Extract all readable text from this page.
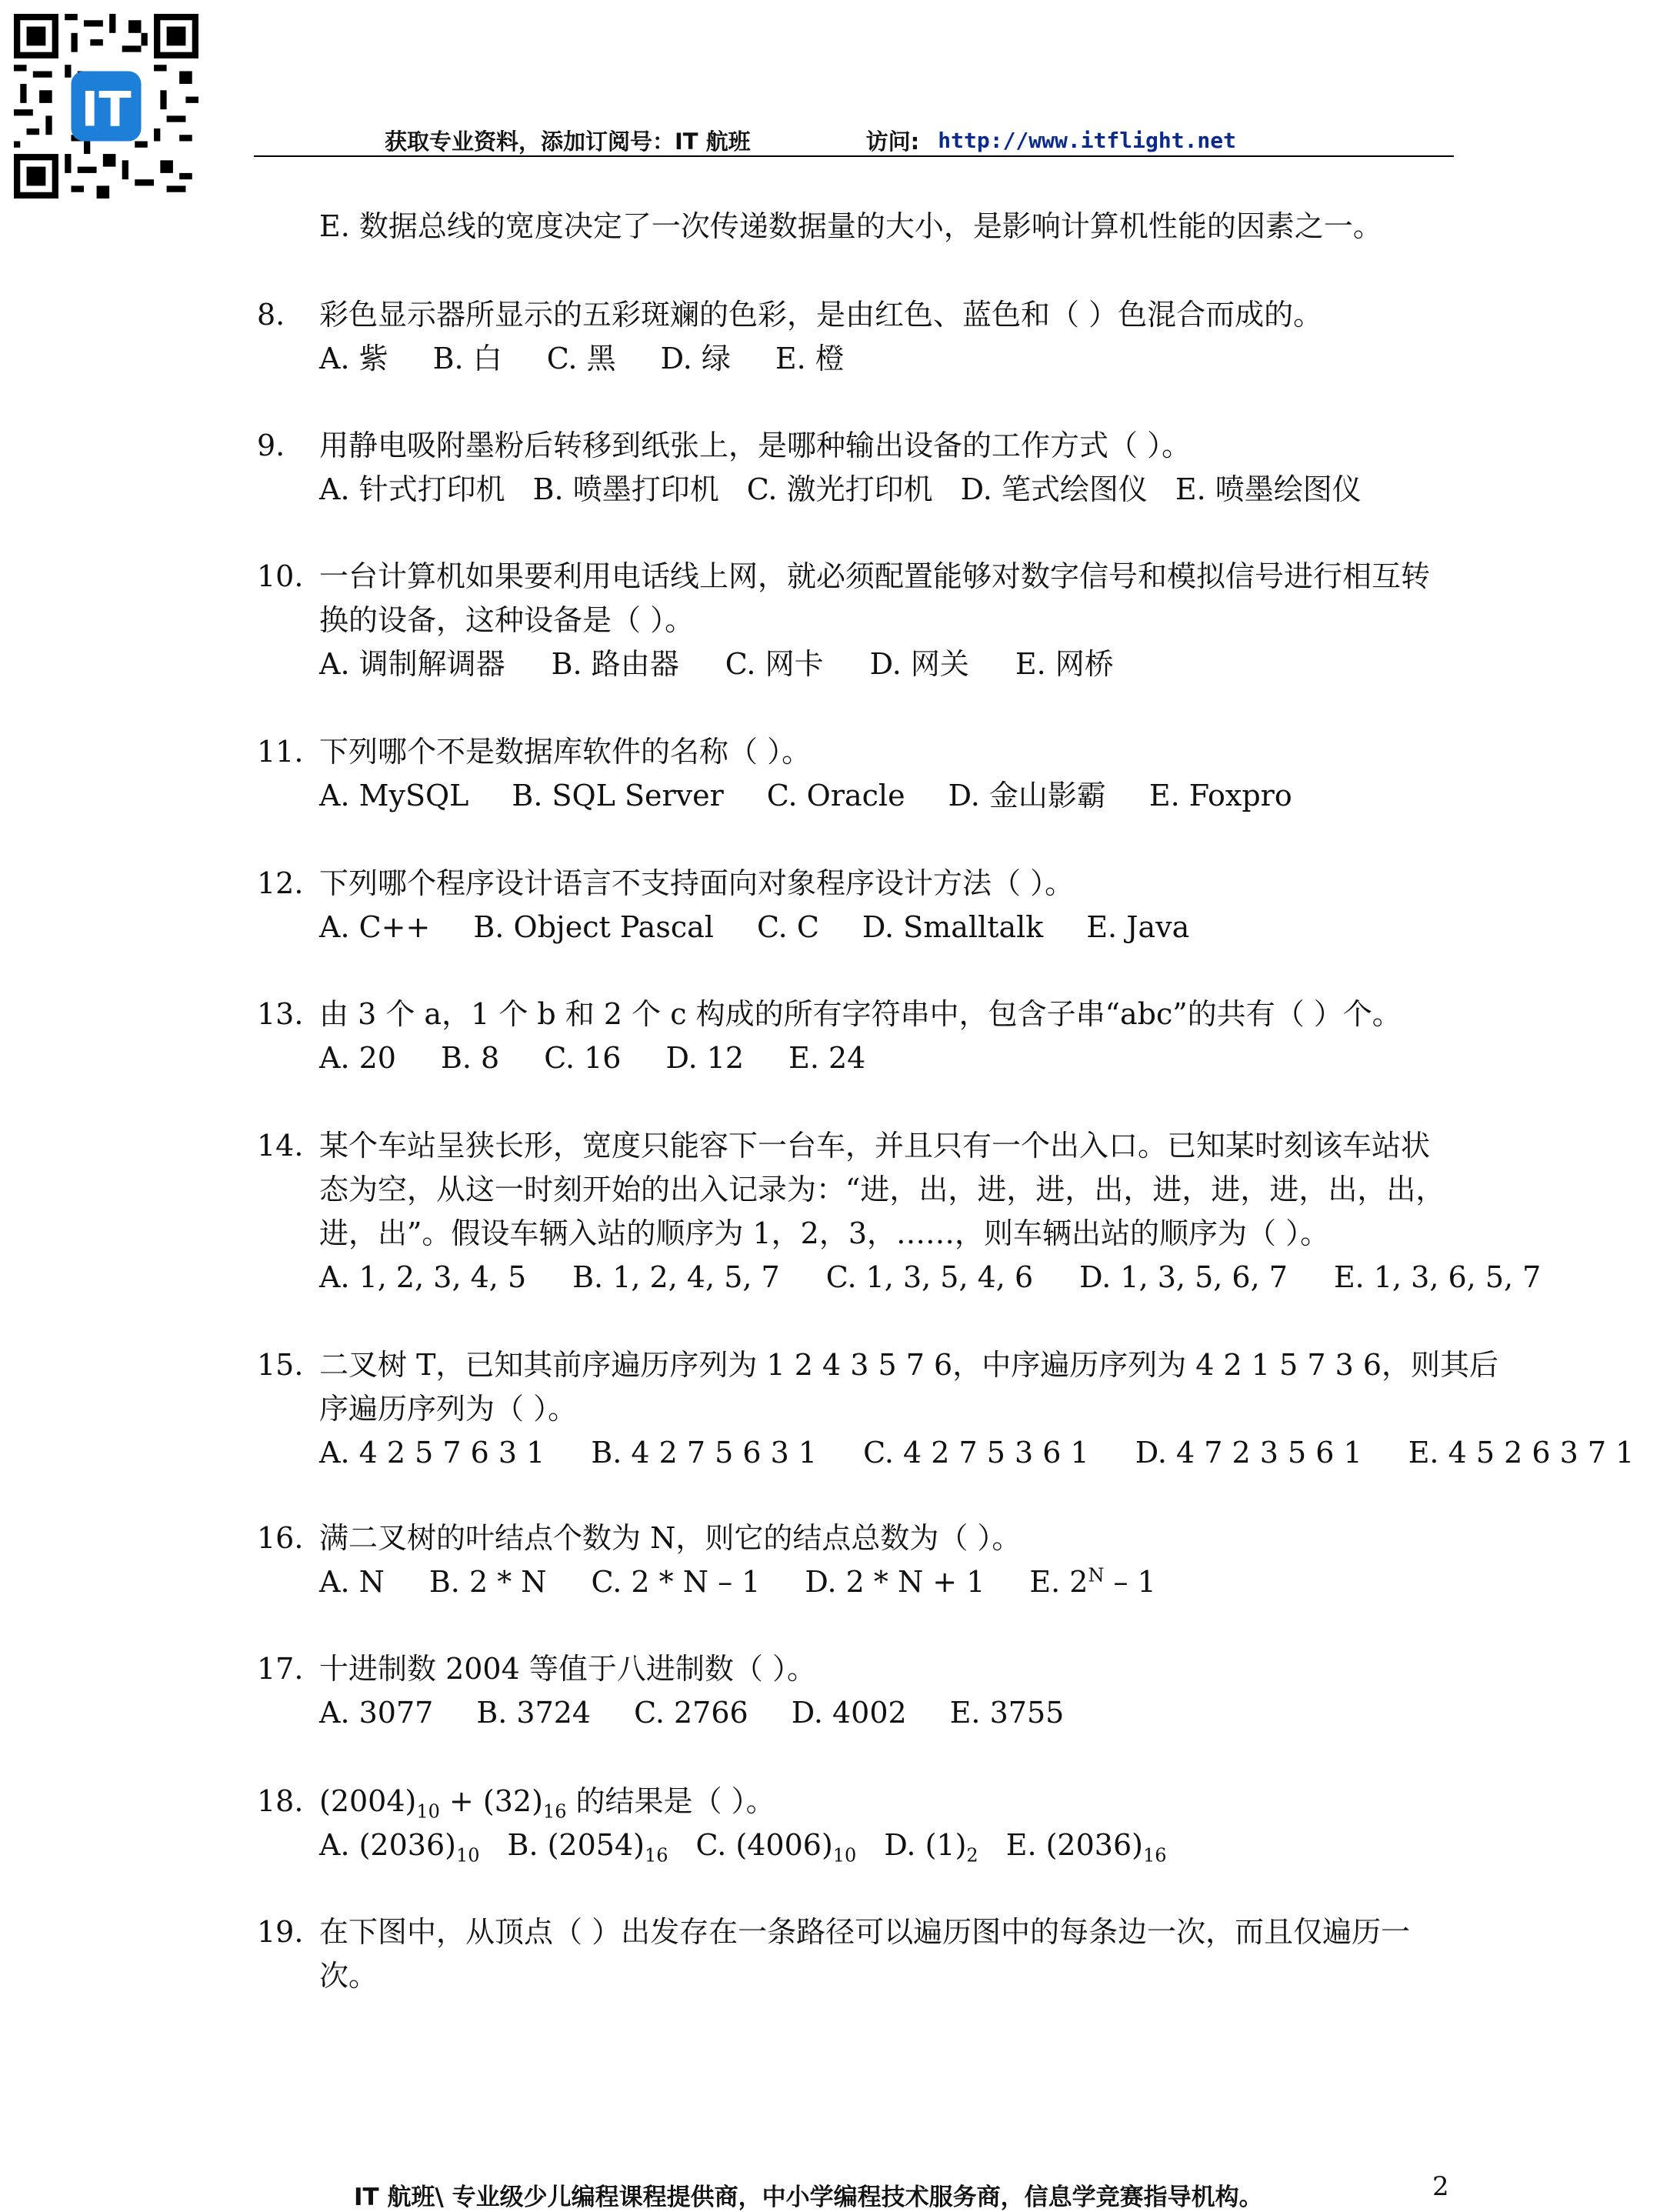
IT
获取专业资料，添加订阅号：IT 航班	访问: http://www.itflight.net
E. 数据总线的宽度决定了一次传递数据量的大小，是影响计算机性能的因素之一。
8. 彩色显示器所显示的五彩斑斓的色彩，是由红色、蓝色和（ ）色混合而成的。
A. 紫 B. 白 C. 黑 D. 绿 E. 橙
9. 用静电吸附墨粉后转移到纸张上，是哪种输出设备的工作方式（ ）。
A. 针式打印机 B. 喷墨打印机 C. 激光打印机 D. 笔式绘图仪 E. 喷墨绘图仪
10. 一台计算机如果要利用电话线上网，就必须配置能够对数字信号和模拟信号进行相互转
换的设备，这种设备是（ ）。
A. 调制解调器 B. 路由器 C. 网卡 D. 网关 E. 网桥
11. 下列哪个不是数据库软件的名称（ ）。
A. MySQL B. SQL Server C. Oracle D. 金山影霸 E. Foxpro
12. 下列哪个程序设计语言不支持面向对象程序设计方法（ ）。
A. C++ B. Object Pascal C. C D. Smalltalk E. Java
13. 由 3 个 a，1 个 b 和 2 个 c 构成的所有字符串中，包含子串“abc”的共有（ ）个。
A. 20 B. 8 C. 16 D. 12 E. 24
14. 某个车站呈狭长形，宽度只能容下一台车，并且只有一个出入口。已知某时刻该车站状
态为空，从这一时刻开始的出入记录为：“进，出，进，进，出，进，进，进，出，出，
进，出”。假设车辆入站的顺序为 1，2，3，……，则车辆出站的顺序为（ ）。
A. 1, 2, 3, 4, 5 B. 1, 2, 4, 5, 7 C. 1, 3, 5, 4, 6 D. 1, 3, 5, 6, 7 E. 1, 3, 6, 5, 7
15. 二叉树 T，已知其前序遍历序列为 1 2 4 3 5 7 6，中序遍历序列为 4 2 1 5 7 3 6，则其后
序遍历序列为（ ）。
A. 4 2 5 7 6 3 1 B. 4 2 7 5 6 3 1 C. 4 2 7 5 3 6 1 D. 4 7 2 3 5 6 1 E. 4 5 2 6 3 7 1
16. 满二叉树的叶结点个数为 N，则它的结点总数为（ ）。
A. N B. 2 * N C. 2 * N – 1 D. 2 * N + 1 E. $2^N - 1$
17. 十进制数 2004 等值于八进制数（ ）。
A. 3077 B. 3724 C. 2766 D. 4002 E. 3755
18. $(2004)_{10} + (32)_{16}$ 的结果是（ ）。
A. $(2036)_{10}$ B. $(2054)_{16}$ C. $(4006)_{10}$ D. $(1)_2$ E. $(2036)_{16}$
19. 在下图中，从顶点（ ）出发存在一条路径可以遍历图中的每条边一次，而且仅遍历一
次。
IT 航班\ 专业级少儿编程课程提供商，中小学编程技术服务商，信息学竞赛指导机构。	2
